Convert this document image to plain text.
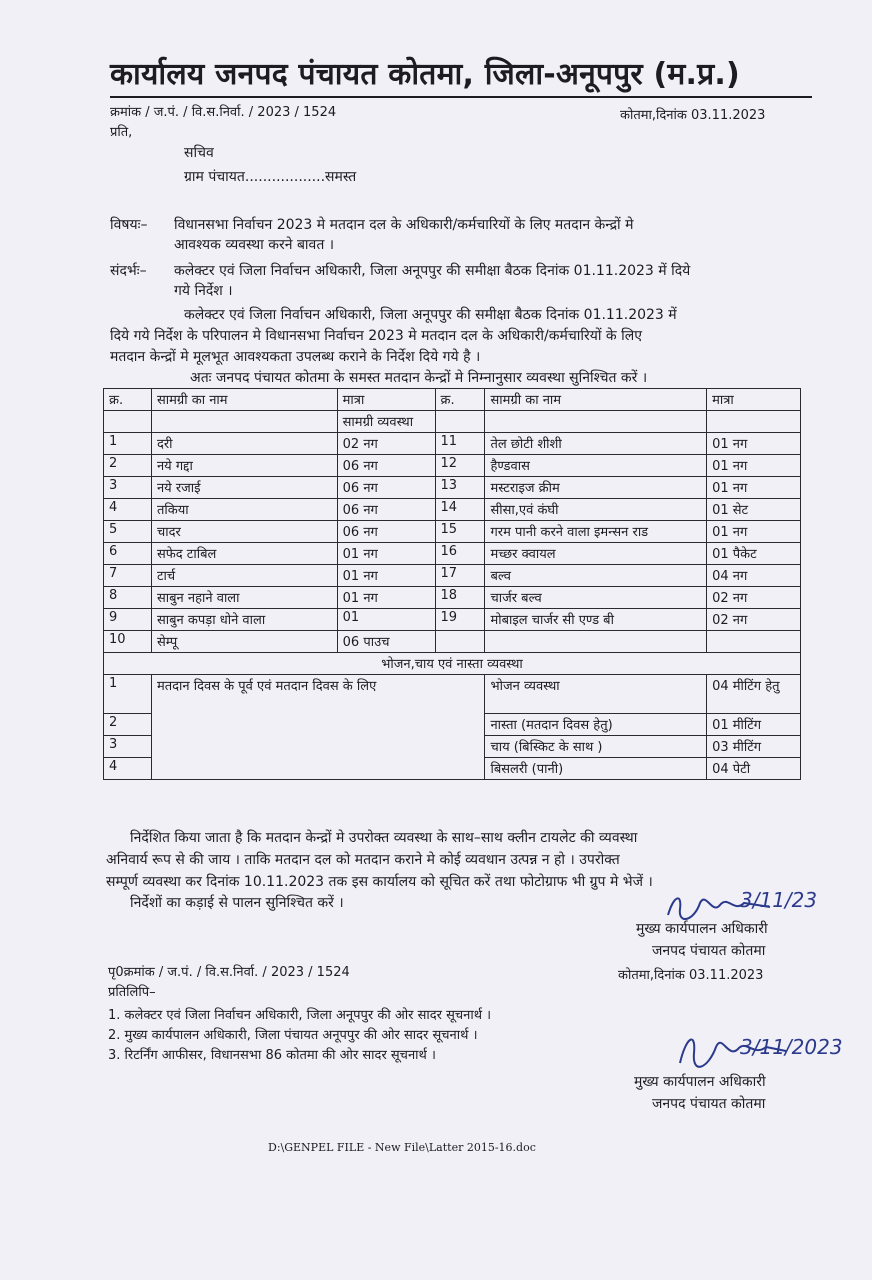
कार्यालय जनपद पंचायत कोतमा, जिला-अनूपपुर (म.प्र.)
क्रमांक / ज.पं. / वि.स.निर्वा. / 2023 / 1524	कोतमा,दिनांक 03.11.2023
प्रति,
सचिव
ग्राम पंचायत..................समस्त
विषयः– विधानसभा निर्वाचन 2023 मे मतदान दल के अधिकारी/कर्मचारियों के लिए मतदान केन्द्रों मे
आवश्यक व्यवस्था करने बावत ।
संदर्भः– कलेक्टर एवं जिला निर्वाचन अधिकारी, जिला अनूपपुर की समीक्षा बैठक दिनांक 01.11.2023 में दिये
गये निर्देश ।
कलेक्टर एवं जिला निर्वाचन अधिकारी, जिला अनूपपुर की समीक्षा बैठक दिनांक 01.11.2023 में
दिये गये निर्देश के परिपालन मे विधानसभा निर्वाचन 2023 मे मतदान दल के अधिकारी/कर्मचारियों के लिए
मतदान केन्द्रों मे मूलभूत आवश्यकता उपलब्ध कराने के निर्देश दिये गये है ।
अतः जनपद पंचायत कोतमा के समस्त मतदान केन्द्रों मे निम्नानुसार व्यवस्था सुनिश्चित करें ।
क्र.	सामग्री का नाम	मात्रा	क्र.	सामग्री का नाम	मात्रा
		सामग्री व्यवस्था			
1	दरी	02 नग	11	तेल छोटी शीशी	01 नग
2	नये गद्दा	06 नग	12	हैण्डवास	01 नग
3	नये रजाई	06 नग	13	मस्टराइज क्रीम	01 नग
4	तकिया	06 नग	14	सीसा,एवं कंघी	01 सेट
5	चादर	06 नग	15	गरम पानी करने वाला इमन्सन राड	01 नग
6	सफेद टाबिल	01 नग	16	मच्छर क्वायल	01 पैकेट
7	टार्च	01 नग	17	बल्व	04 नग
8	साबुन नहाने वाला	01 नग	18	चार्जर बल्व	02 नग
9	साबुन कपड़ा धोने वाला	01	19	मोबाइल चार्जर सी एण्ड बी	02 नग
10	सेम्पू	06 पाउच			
भोजन,चाय एवं नास्ता व्यवस्था					
1	मतदान दिवस के पूर्व एवं मतदान दिवस के लिए			भोजन व्यवस्था	04 मीटिंग हेतु
2				नास्ता (मतदान दिवस हेतु)	01 मीटिंग
3				चाय (बिस्किट के साथ )	03 मीटिंग
4				बिसलरी (पानी)	04 पेटी
निर्देशित किया जाता है कि मतदान केन्द्रों मे उपरोक्त व्यवस्था के साथ–साथ क्लीन टायलेट की व्यवस्था
अनिवार्य रूप से की जाय । ताकि मतदान दल को मतदान कराने मे कोई व्यवधान उत्पन्न न हो । उपरोक्त
सम्पूर्ण व्यवस्था कर दिनांक 10.11.2023 तक इस कार्यालय को सूचित करें तथा फोटोग्राफ भी ग्रुप मे भेजें ।
निर्देशों का कड़ाई से पालन सुनिश्चित करें ।	3/11/23
मुख्य कार्यपालन अधिकारी
जनपद पंचायत कोतमा
पृ0क्रमांक / ज.पं. / वि.स.निर्वा. / 2023 / 1524	कोतमा,दिनांक 03.11.2023
प्रतिलिपि–
1. कलेक्टर एवं जिला निर्वाचन अधिकारी, जिला अनूपपुर की ओर सादर सूचनार्थ ।
2. मुख्य कार्यपालन अधिकारी, जिला पंचायत अनूपपुर की ओर सादर सूचनार्थ ।
3. रिटर्निंग आफीसर, विधानसभा 86 कोतमा की ओर सादर सूचनार्थ ।	3/11/2023
मुख्य कार्यपालन अधिकारी
जनपद पंचायत कोतमा
D:\GENPEL FILE - New File\Latter 2015-16.doc
